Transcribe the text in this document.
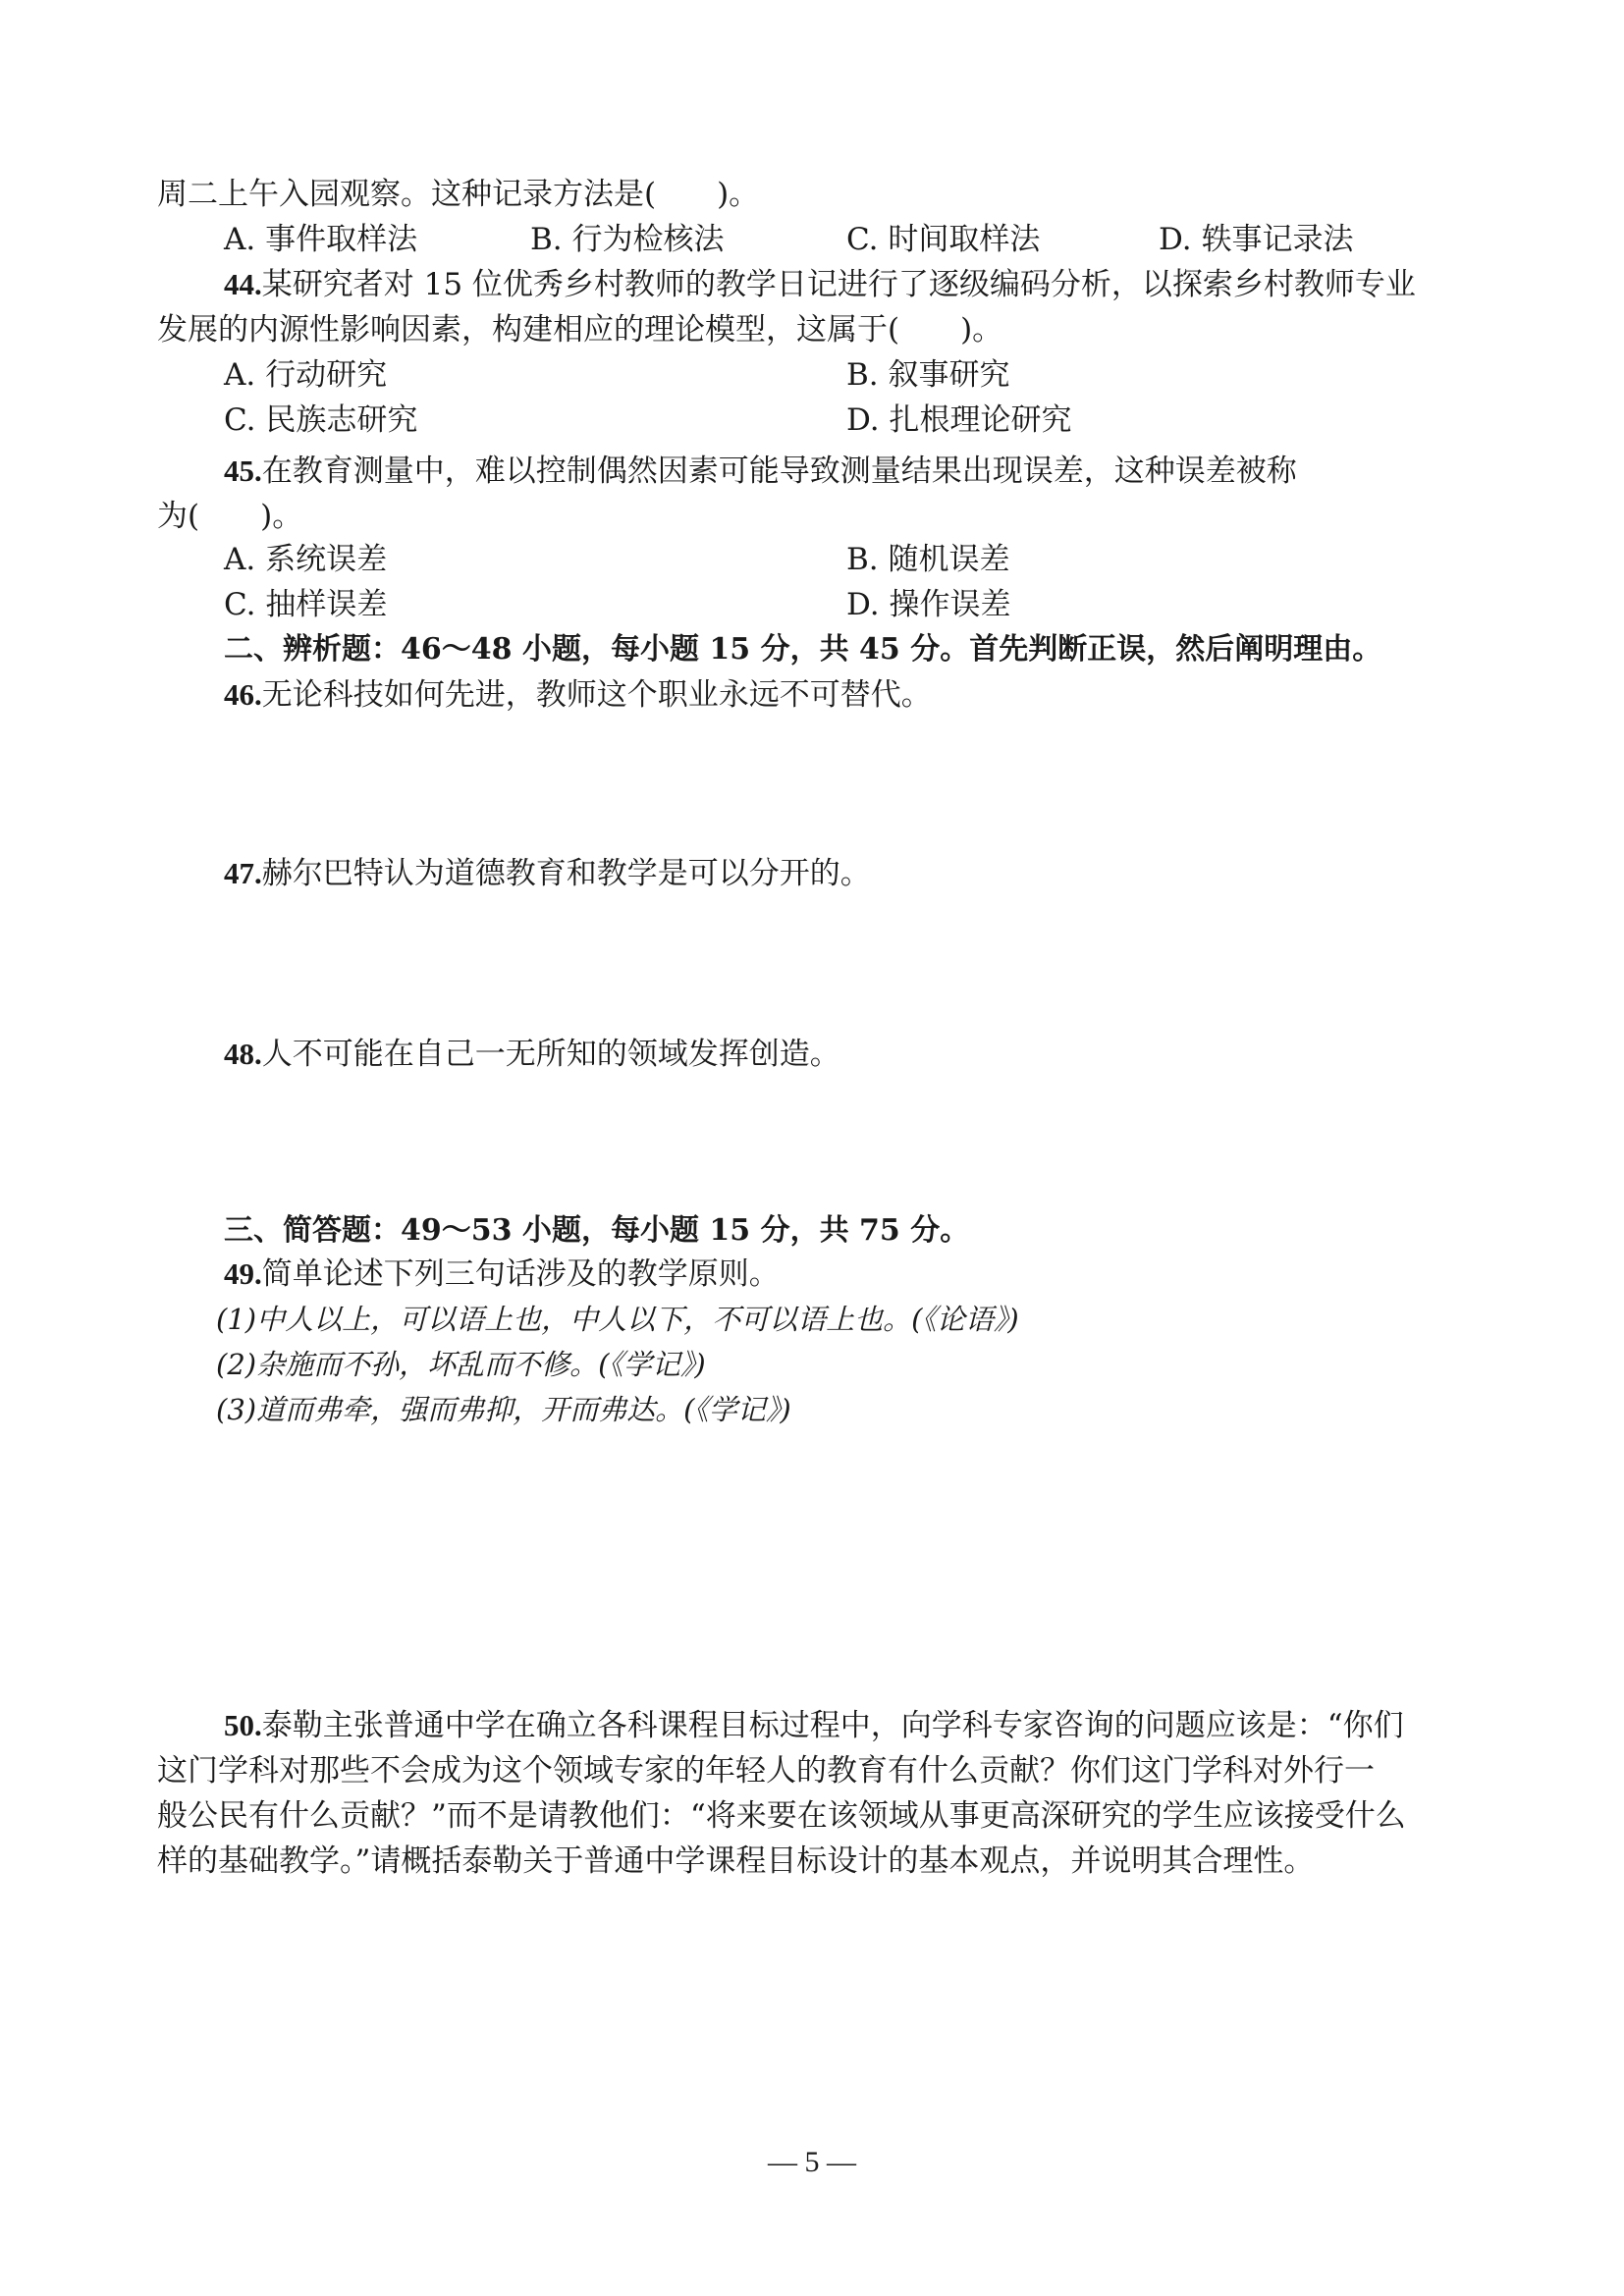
周二上午入园观察。这种记录方法是(　　)。
A. 事件取样法	B. 行为检核法	C. 时间取样法	D. 轶事记录法
44.某研究者对 15 位优秀乡村教师的教学日记进行了逐级编码分析，以探索乡村教师专业
发展的内源性影响因素，构建相应的理论模型，这属于(　　)。
A. 行动研究	B. 叙事研究
C. 民族志研究	D. 扎根理论研究
45.在教育测量中，难以控制偶然因素可能导致测量结果出现误差，这种误差被称
为(　　)。
A. 系统误差	B. 随机误差
C. 抽样误差	D. 操作误差
二、辨析题：46～48 小题，每小题 15 分，共 45 分。首先判断正误，然后阐明理由。
46.无论科技如何先进，教师这个职业永远不可替代。
47.赫尔巴特认为道德教育和教学是可以分开的。
48.人不可能在自己一无所知的领域发挥创造。
三、简答题：49～53 小题，每小题 15 分，共 75 分。
49.简单论述下列三句话涉及的教学原则。
(1)中人以上，可以语上也，中人以下，不可以语上也。(《论语》)
(2)杂施而不孙，坏乱而不修。(《学记》)
(3)道而弗牵，强而弗抑，开而弗达。(《学记》)
50.泰勒主张普通中学在确立各科课程目标过程中，向学科专家咨询的问题应该是：“你们
这门学科对那些不会成为这个领域专家的年轻人的教育有什么贡献？你们这门学科对外行一
般公民有什么贡献？”而不是请教他们：“将来要在该领域从事更高深研究的学生应该接受什么
样的基础教学。”请概括泰勒关于普通中学课程目标设计的基本观点，并说明其合理性。
— 5 —
